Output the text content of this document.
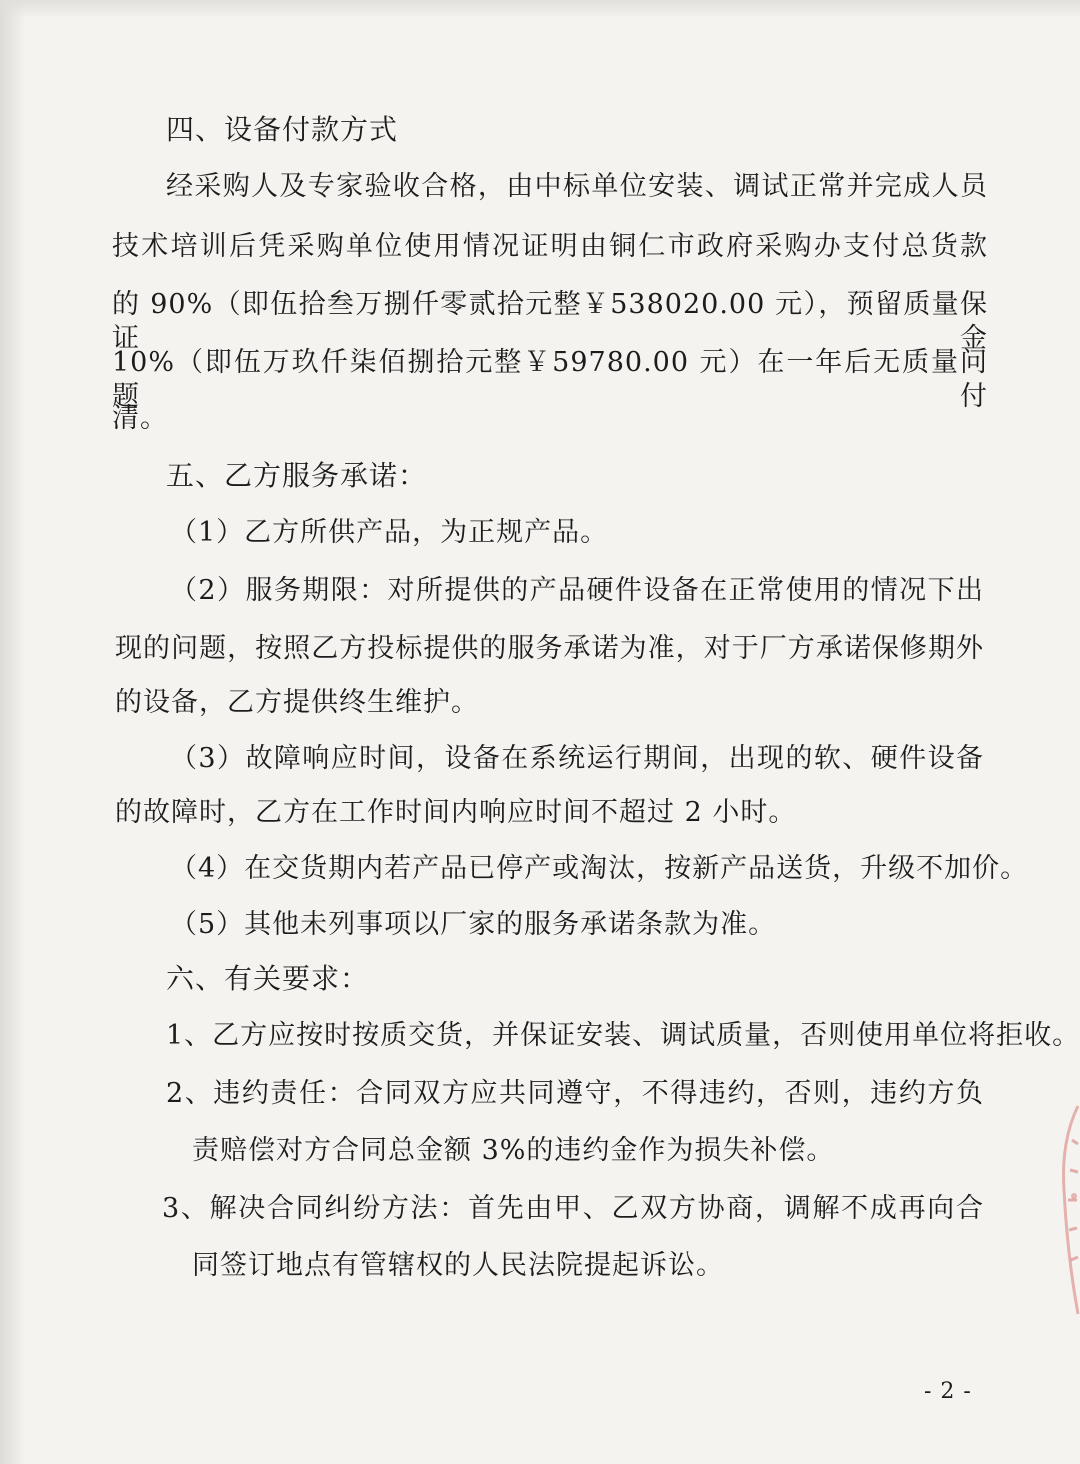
四、设备付款方式
经采购人及专家验收合格，由中标单位安装、调试正常并完成人员
技术培训后凭采购单位使用情况证明由铜仁市政府采购办支付总货款
的 90%（即伍拾叁万捌仟零贰拾元整￥538020.00 元），预留质量保证金
10%（即伍万玖仟柒佰捌拾元整￥59780.00 元）在一年后无质量问题付
清。
五、乙方服务承诺：
（1）乙方所供产品，为正规产品。
（2）服务期限：对所提供的产品硬件设备在正常使用的情况下出
现的问题，按照乙方投标提供的服务承诺为准，对于厂方承诺保修期外
的设备，乙方提供终生维护。
（3）故障响应时间，设备在系统运行期间，出现的软、硬件设备
的故障时，乙方在工作时间内响应时间不超过 2 小时。
（4）在交货期内若产品已停产或淘汰，按新产品送货，升级不加价。
（5）其他未列事项以厂家的服务承诺条款为准。
六、有关要求：
1、乙方应按时按质交货，并保证安装、调试质量，否则使用单位将拒收。
2、违约责任：合同双方应共同遵守，不得违约，否则，违约方负
责赔偿对方合同总金额 3%的违约金作为损失补偿。
3、解决合同纠纷方法：首先由甲、乙双方协商，调解不成再向合
同签订地点有管辖权的人民法院提起诉讼。
- 2 -
